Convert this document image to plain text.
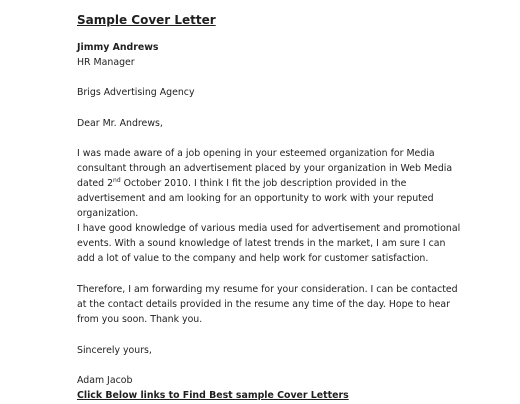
Sample Cover Letter
Jimmy Andrews
HR Manager
Brigs Advertising Agency
Dear Mr. Andrews,
I was made aware of a job opening in your esteemed organization for Media
consultant through an advertisement placed by your organization in Web Media
dated 2nd October 2010. I think I fit the job description provided in the
advertisement and am looking for an opportunity to work with your reputed
organization.
I have good knowledge of various media used for advertisement and promotional
events. With a sound knowledge of latest trends in the market, I am sure I can
add a lot of value to the company and help work for customer satisfaction.
Therefore, I am forwarding my resume for your consideration. I can be contacted
at the contact details provided in the resume any time of the day. Hope to hear
from you soon. Thank you.
Sincerely yours,
Adam Jacob
Click Below links to Find Best sample Cover Letters
